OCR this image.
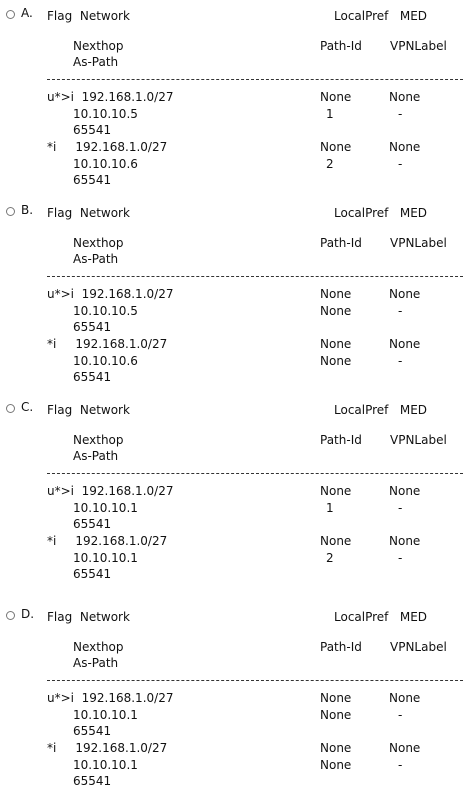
A. Flag  Network	LocalPref   MED
Nexthop	Path-Id VPNLabel
As-Path
u*>i  192.168.1.0/27	None	None
10.10.10.5	1	-
65541
*i     192.168.1.0/27	None	None
10.10.10.6	2	-
65541
B. Flag  Network	LocalPref   MED
Nexthop	Path-Id VPNLabel
As-Path
u*>i  192.168.1.0/27	None	None
10.10.10.5	None	-
65541
*i     192.168.1.0/27	None	None
10.10.10.6	None	-
65541
C. Flag  Network	LocalPref   MED
Nexthop	Path-Id VPNLabel
As-Path
u*>i  192.168.1.0/27	None	None
10.10.10.1	1	-
65541
*i     192.168.1.0/27	None	None
10.10.10.1	2	-
65541
D. Flag  Network	LocalPref   MED
Nexthop	Path-Id VPNLabel
As-Path
u*>i  192.168.1.0/27	None	None
10.10.10.1	None	-
65541
*i     192.168.1.0/27	None	None
10.10.10.1	None	-
65541
